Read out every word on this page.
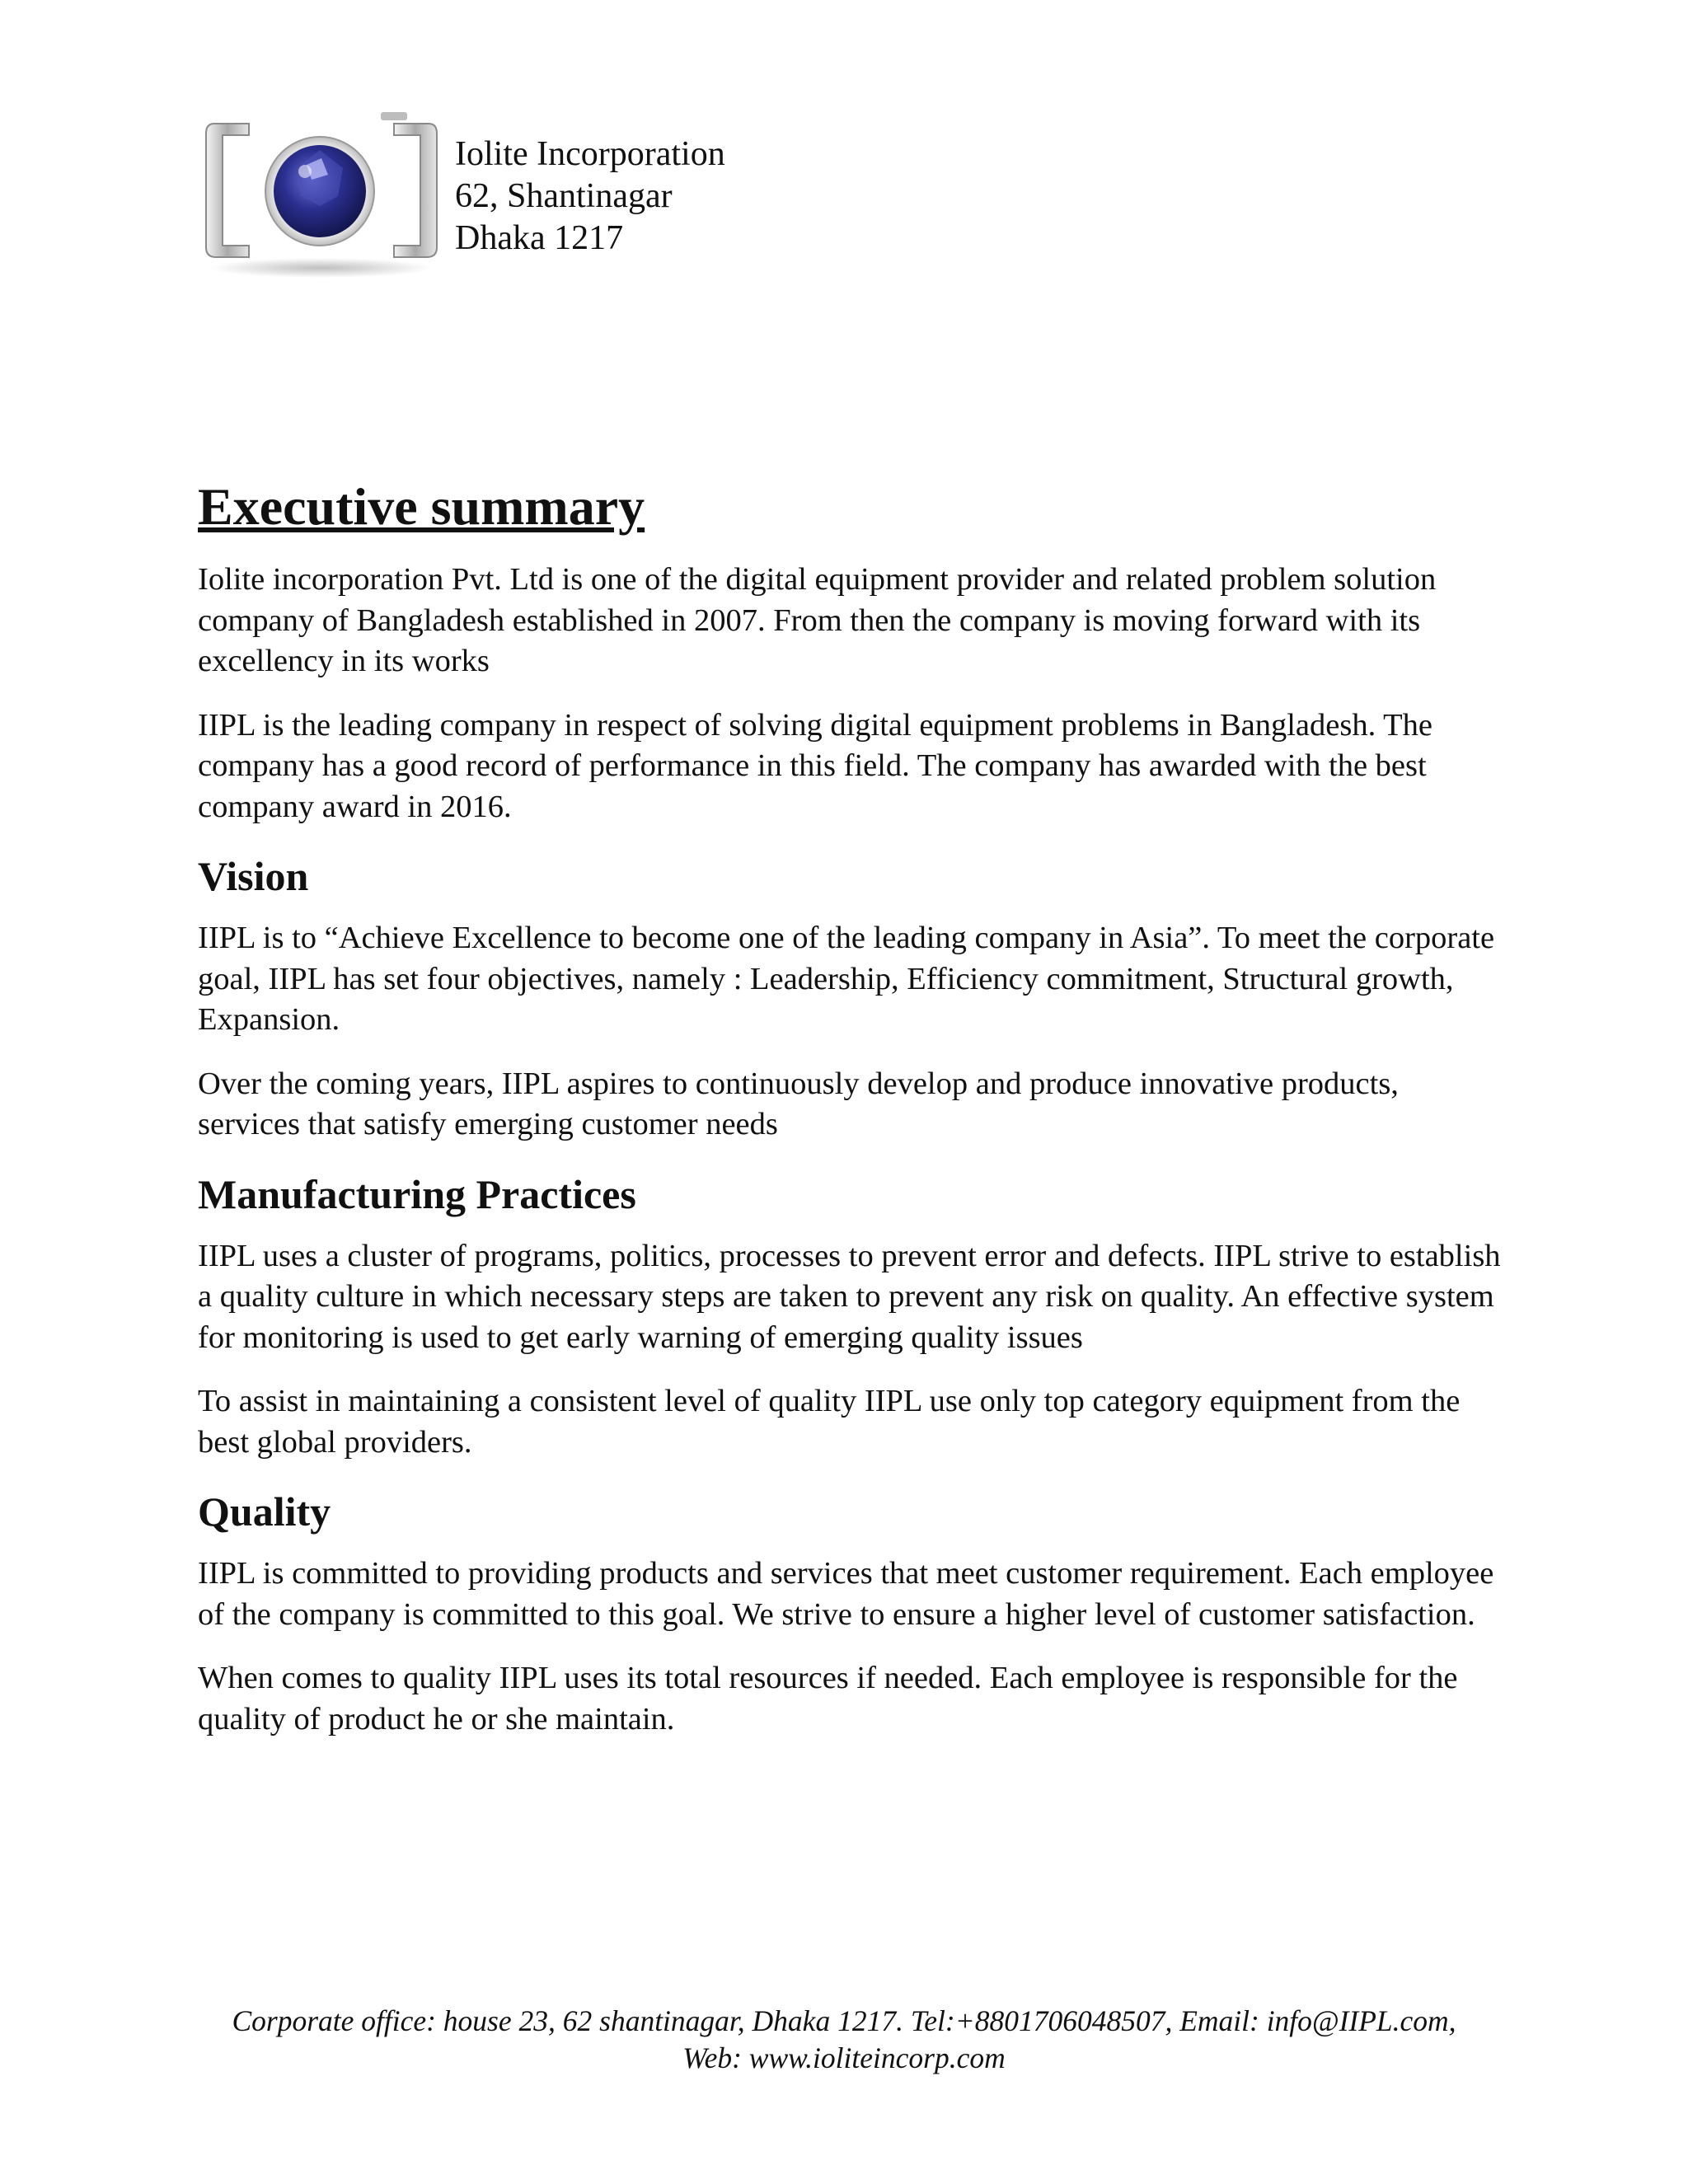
Iolite Incorporation
62, Shantinagar
Dhaka 1217
Executive summary

Iolite incorporation Pvt. Ltd is one of the digital equipment provider and related problem solution company of Bangladesh established in 2007. From then the company is moving forward with its excellency in its works

IIPL is the leading company in respect of solving digital equipment problems in Bangladesh. The company has a good record of performance in this field. The company has awarded with the best company award in 2016.

Vision

IIPL is to “Achieve Excellence to become one of the leading company in Asia”. To meet the corporate goal, IIPL has set four objectives, namely : Leadership, Efficiency commitment, Structural growth, Expansion.

Over the coming years, IIPL aspires to continuously develop and produce innovative products, services that satisfy emerging customer needs

Manufacturing Practices

IIPL uses a cluster of programs, politics, processes to prevent error and defects. IIPL strive to establish a quality culture in which necessary steps are taken to prevent any risk on quality. An effective system for monitoring is used to get early warning of emerging quality issues

To assist in maintaining a consistent level of quality IIPL use only top category equipment from the best global providers.

Quality

IIPL is committed to providing products and services that meet customer requirement. Each employee of the company is committed to this goal. We strive to ensure a higher level of customer satisfaction.

When comes to quality IIPL uses its total resources if needed. Each employee is responsible for the quality of product he or she maintain.

Corporate office: house 23, 62 shantinagar, Dhaka 1217. Tel:+8801706048507, Email: info@IIPL.com,
Web: www.ioliteincorp.com
